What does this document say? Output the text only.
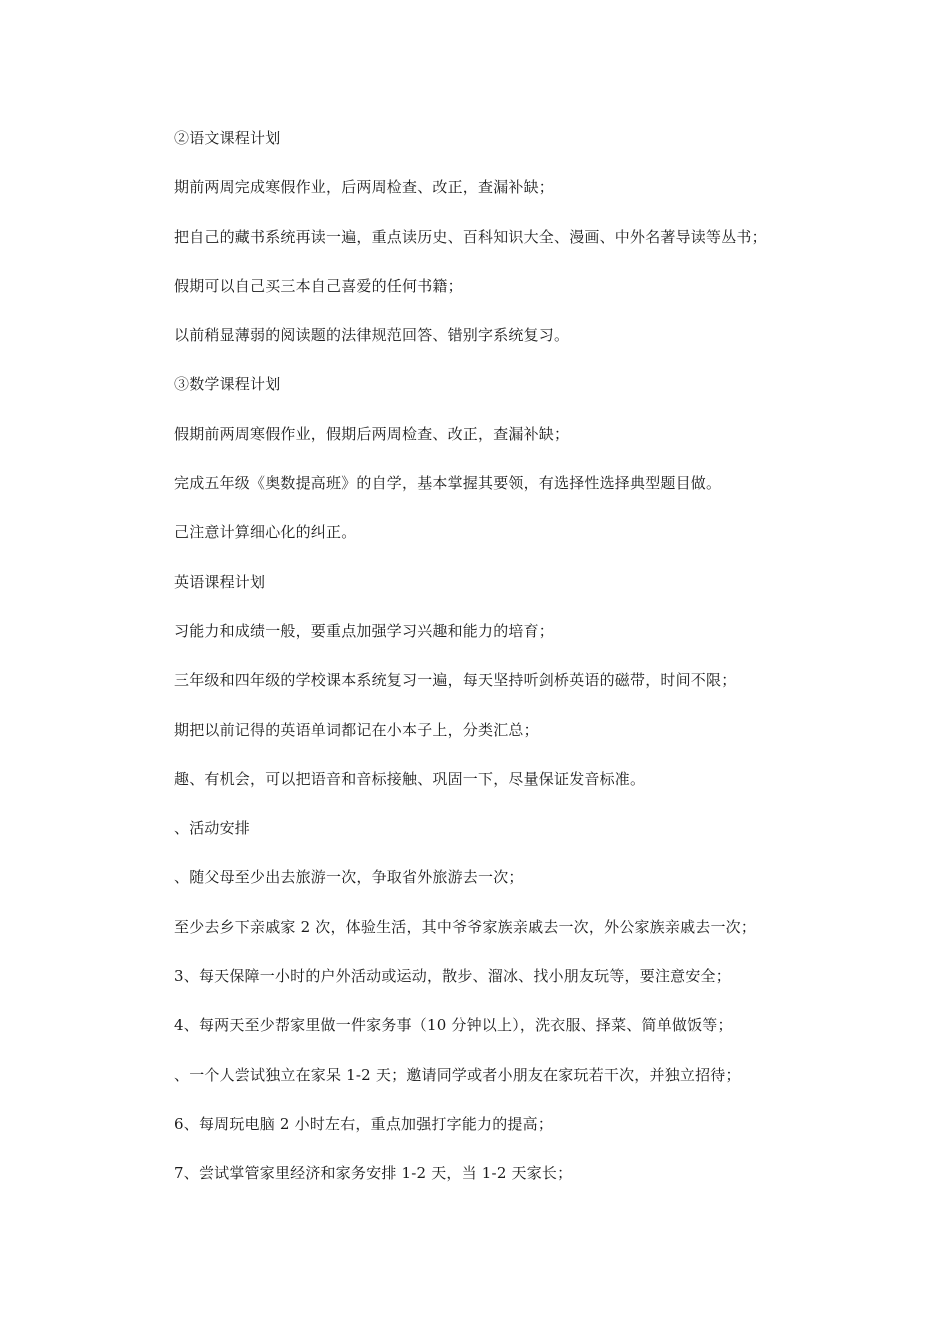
②语文课程计划
期前两周完成寒假作业，后两周检查、改正，查漏补缺；
把自己的藏书系统再读一遍，重点读历史、百科知识大全、漫画、中外名著导读等丛书；
假期可以自己买三本自己喜爱的任何书籍；
以前稍显薄弱的阅读题的法律规范回答、错别字系统复习。
③数学课程计划
假期前两周寒假作业，假期后两周检查、改正，查漏补缺；
完成五年级《奥数提高班》的自学，基本掌握其要领，有选择性选择典型题目做。
己注意计算细心化的纠正。
英语课程计划
习能力和成绩一般，要重点加强学习兴趣和能力的培育；
三年级和四年级的学校课本系统复习一遍，每天坚持听剑桥英语的磁带，时间不限；
期把以前记得的英语单词都记在小本子上，分类汇总；
趣、有机会，可以把语音和音标接触、巩固一下，尽量保证发音标准。
、活动安排
、随父母至少出去旅游一次，争取省外旅游去一次；
至少去乡下亲戚家 2 次，体验生活，其中爷爷家族亲戚去一次，外公家族亲戚去一次；
3、每天保障一小时的户外活动或运动，散步、溜冰、找小朋友玩等，要注意安全；
4、每两天至少帮家里做一件家务事（10 分钟以上），洗衣服、择菜、简单做饭等；
、一个人尝试独立在家呆 1-2 天；邀请同学或者小朋友在家玩若干次，并独立招待；
6、每周玩电脑 2 小时左右，重点加强打字能力的提高；
7、尝试掌管家里经济和家务安排 1-2 天，当 1-2 天家长；
